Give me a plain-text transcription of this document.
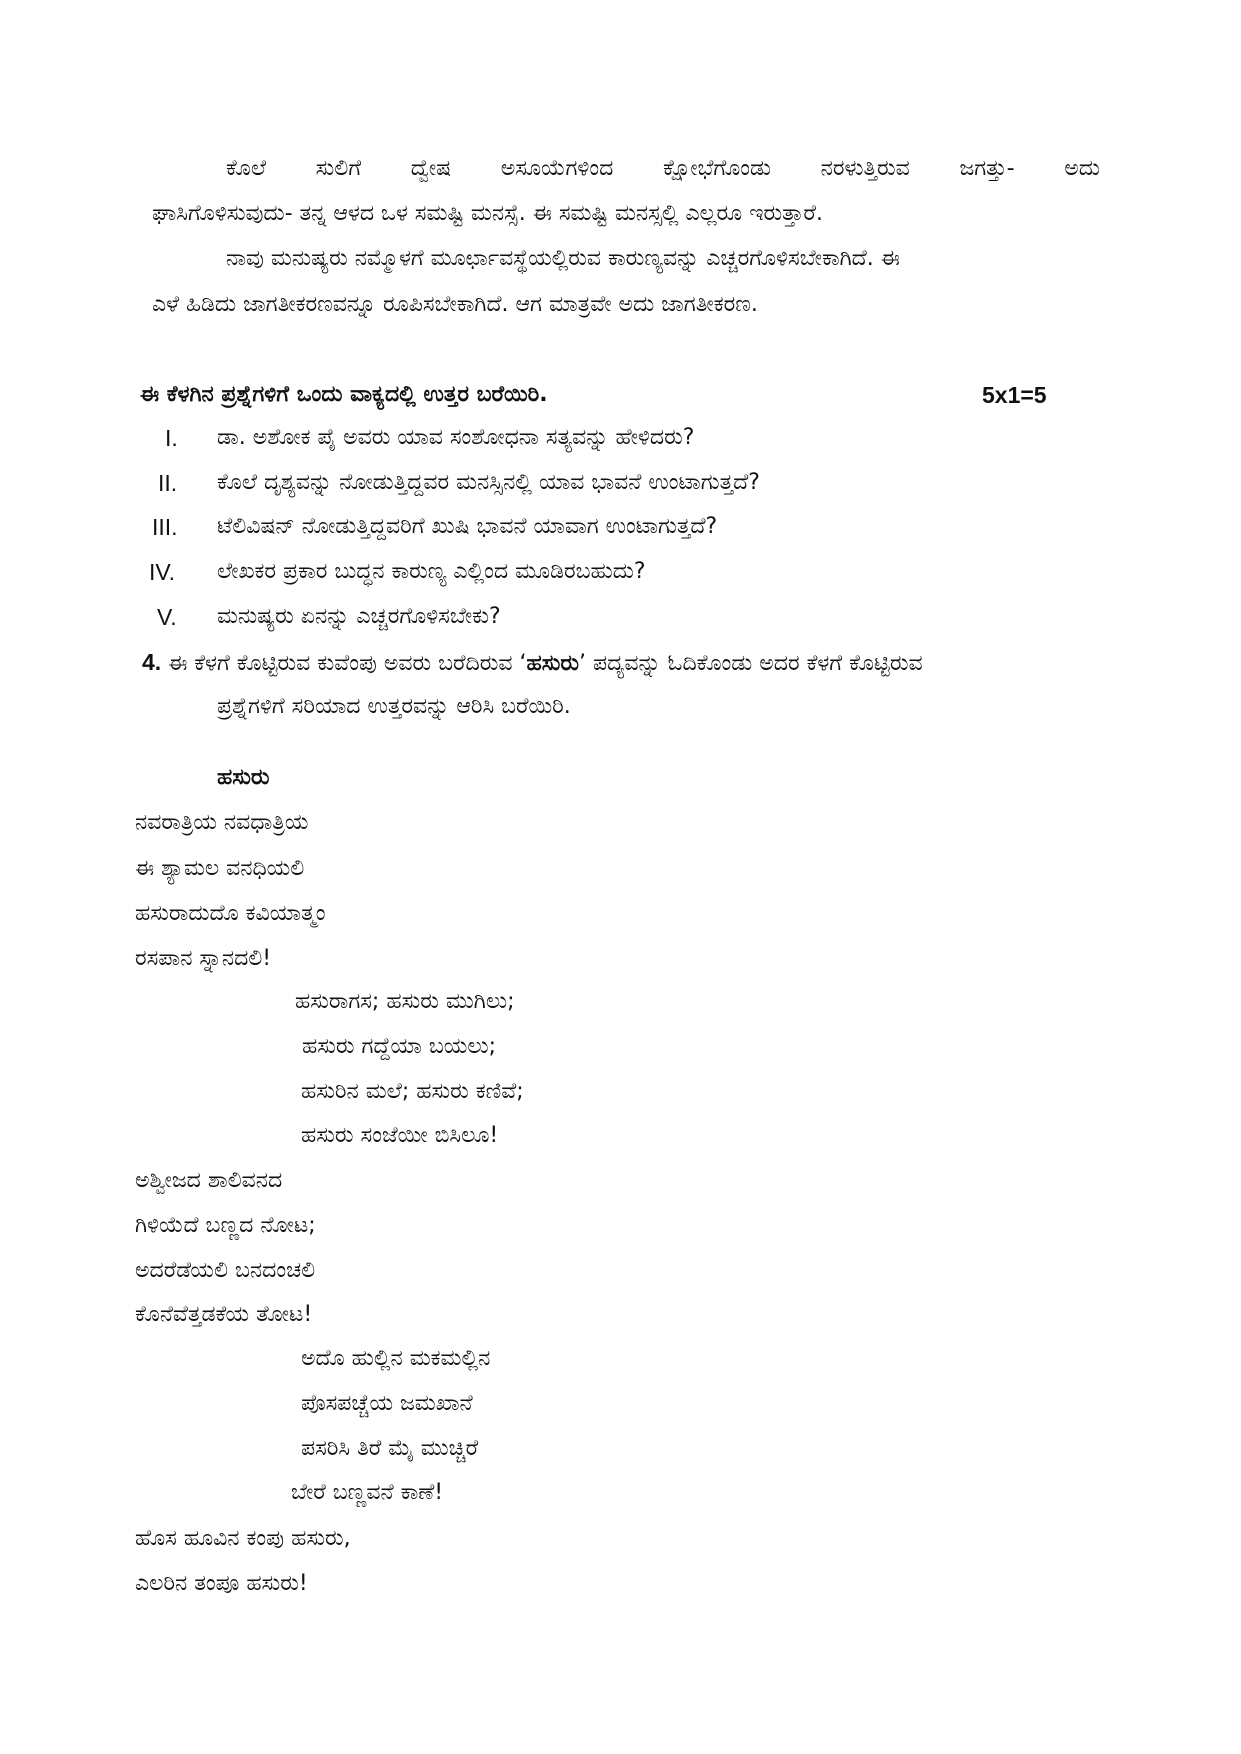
ಕೊಲೆ ಸುಲಿಗೆ ದ್ವೇಷ ಅಸೂಯೆಗಳಿಂದ ಕ್ಷೋಭೆಗೊಂಡು ನರಳುತ್ತಿರುವ ಜಗತ್ತು- ಅದು
ಘಾಸಿಗೊಳಿಸುವುದು- ತನ್ನ ಆಳದ ಒಳ ಸಮಷ್ಟಿ ಮನಸ್ಸೆ. ಈ ಸಮಷ್ಟಿ ಮನಸ್ಸಲ್ಲಿ ಎಲ್ಲರೂ ಇರುತ್ತಾರೆ.
ನಾವು ಮನುಷ್ಯರು ನಮ್ಮೊಳಗೆ ಮೂರ್ಛಾವಸ್ಥೆಯಲ್ಲಿರುವ ಕಾರುಣ್ಯವನ್ನು ಎಚ್ಚರಗೊಳಿಸಬೇಕಾಗಿದೆ. ಈ
ಎಳೆ ಹಿಡಿದು ಜಾಗತೀಕರಣವನ್ನೂ ರೂಪಿಸಬೇಕಾಗಿದೆ. ಆಗ ಮಾತ್ರವೇ ಅದು ಜಾಗತೀಕರಣ.
ಈ ಕೆಳಗಿನ ಪ್ರಶ್ನೆಗಳಿಗೆ ಒಂದು ವಾಕ್ಯದಲ್ಲಿ ಉತ್ತರ ಬರೆಯಿರಿ.	5x1=5
I. ಡಾ. ಅಶೋಕ ಪೈ ಅವರು ಯಾವ ಸಂಶೋಧನಾ ಸತ್ಯವನ್ನು ಹೇಳಿದರು?
II. ಕೊಲೆ ದೃಶ್ಯವನ್ನು ನೋಡುತ್ತಿದ್ದವರ ಮನಸ್ಸಿನಲ್ಲಿ ಯಾವ ಭಾವನೆ ಉಂಟಾಗುತ್ತದೆ?
III. ಟೆಲಿವಿಷನ್ ನೋಡುತ್ತಿದ್ದವರಿಗೆ ಖುಷಿ ಭಾವನೆ ಯಾವಾಗ ಉಂಟಾಗುತ್ತದೆ?
IV. ಲೇಖಕರ ಪ್ರಕಾರ ಬುದ್ಧನ ಕಾರುಣ್ಯ ಎಲ್ಲಿಂದ ಮೂಡಿರಬಹುದು?
V. ಮನುಷ್ಯರು ಏನನ್ನು ಎಚ್ಚರಗೊಳಿಸಬೇಕು?
4. ಈ ಕೆಳಗೆ ಕೊಟ್ಟಿರುವ ಕುವೆಂಪು ಅವರು ಬರೆದಿರುವ ‘ಹಸುರು’ ಪದ್ಯವನ್ನು ಓದಿಕೊಂಡು ಅದರ ಕೆಳಗೆ ಕೊಟ್ಟಿರುವ
ಪ್ರಶ್ನೆಗಳಿಗೆ ಸರಿಯಾದ ಉತ್ತರವನ್ನು ಆರಿಸಿ ಬರೆಯಿರಿ.
ಹಸುರು
ನವರಾತ್ರಿಯ ನವಧಾತ್ರಿಯ
ಈ ಶ್ಯಾಮಲ ವನಧಿಯಲಿ
ಹಸುರಾದುದೊ ಕವಿಯಾತ್ಮಂ
ರಸಪಾನ ಸ್ನಾನದಲಿ!
ಹಸುರಾಗಸ; ಹಸುರು ಮುಗಿಲು;
ಹಸುರು ಗದ್ದೆಯಾ ಬಯಲು;
ಹಸುರಿನ ಮಲೆ; ಹಸುರು ಕಣಿವೆ;
ಹಸುರು ಸಂಜೆಯೀ ಬಿಸಿಲೂ!
ಅಶ್ವೀಜದ ಶಾಲಿವನದ
ಗಿಳಿಯೆದೆ ಬಣ್ಣದ ನೋಟ;
ಅದರೆಡೆಯಲಿ ಬನದಂಚಲಿ
ಕೊನೆವೆತ್ತಡಕೆಯ ತೋಟ!
ಅದೊ ಹುಲ್ಲಿನ ಮಕಮಲ್ಲಿನ
ಪೊಸಪಚ್ಚೆಯ ಜಮಖಾನೆ
ಪಸರಿಸಿ ತಿರೆ ಮೈ ಮುಚ್ಚಿರೆ
ಬೇರೆ ಬಣ್ಣವನೆ ಕಾಣೆ!
ಹೊಸ ಹೂವಿನ ಕಂಪು ಹಸುರು,
ಎಲರಿನ ತಂಪೂ ಹಸುರು!
